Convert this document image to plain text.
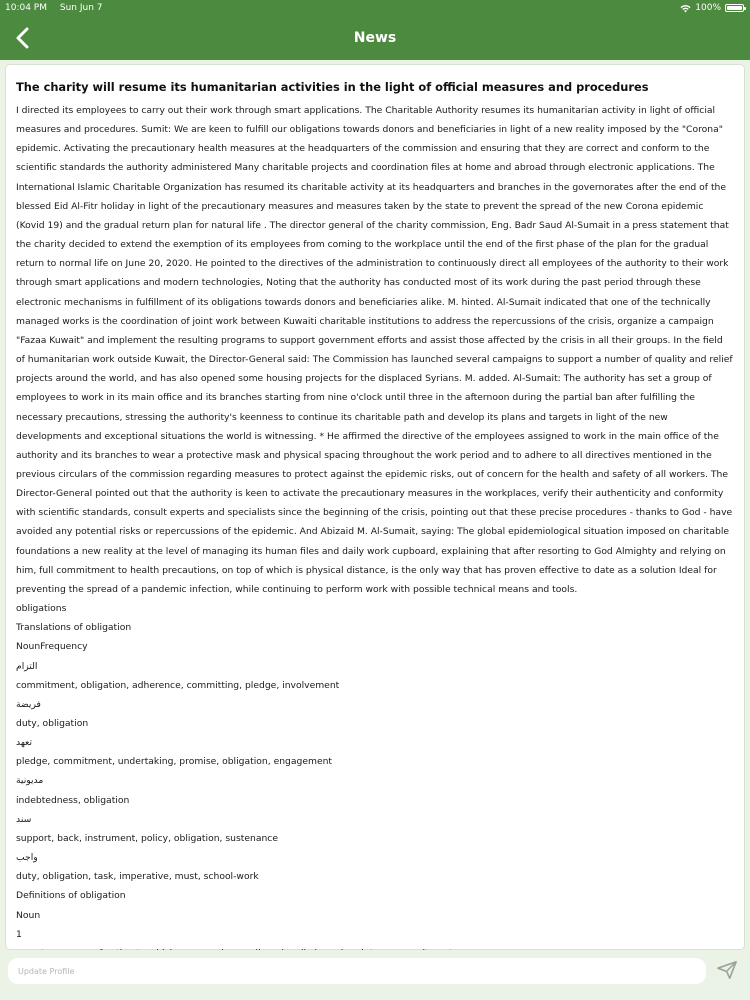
10:04 PM Sun Jun 7	100%
News
The charity will resume its humanitarian activities in the light of official measures and procedures

I directed its employees to carry out their work through smart applications. The Charitable Authority resumes its humanitarian activity in light of official measures and procedures. Sumit: We are keen to fulfill our obligations towards donors and beneficiaries in light of a new reality imposed by the "Corona" epidemic. Activating the precautionary health measures at the headquarters of the commission and ensuring that they are correct and conform to the scientific standards the authority administered Many charitable projects and coordination files at home and abroad through electronic applications. The International Islamic Charitable Organization has resumed its charitable activity at its headquarters and branches in the governorates after the end of the blessed Eid Al-Fitr holiday in light of the precautionary measures and measures taken by the state to prevent the spread of the new Corona epidemic (Kovid 19) and the gradual return plan for natural life . The director general of the charity commission, Eng. Badr Saud Al-Sumait in a press statement that the charity decided to extend the exemption of its employees from coming to the workplace until the end of the first phase of the plan for the gradual return to normal life on June 20, 2020. He pointed to the directives of the administration to continuously direct all employees of the authority to their work through smart applications and modern technologies, Noting that the authority has conducted most of its work during the past period through these electronic mechanisms in fulfillment of its obligations towards donors and beneficiaries alike. M. hinted. Al-Sumait indicated that one of the technically managed works is the coordination of joint work between Kuwaiti charitable institutions to address the repercussions of the crisis, organize a campaign "Fazaa Kuwait" and implement the resulting programs to support government efforts and assist those affected by the crisis in all their groups. In the field of humanitarian work outside Kuwait, the Director-General said: The Commission has launched several campaigns to support a number of quality and relief projects around the world, and has also opened some housing projects for the displaced Syrians. M. added. Al-Sumait: The authority has set a group of employees to work in its main office and its branches starting from nine o'clock until three in the afternoon during the partial ban after fulfilling the necessary precautions, stressing the authority's keenness to continue its charitable path and develop its plans and targets in light of the new developments and exceptional situations the world is witnessing. * He affirmed the directive of the employees assigned to work in the main office of the authority and its branches to wear a protective mask and physical spacing throughout the work period and to adhere to all directives mentioned in the previous circulars of the commission regarding measures to protect against the epidemic risks, out of concern for the health and safety of all workers. The Director-General pointed out that the authority is keen to activate the precautionary measures in the workplaces, verify their authenticity and conformity with scientific standards, consult experts and specialists since the beginning of the crisis, pointing out that these precise procedures - thanks to God - have avoided any potential risks or repercussions of the epidemic. And Abizaid M. Al-Sumait, saying: The global epidemiological situation imposed on charitable foundations a new reality at the level of managing its human files and daily work cupboard, explaining that after resorting to God Almighty and relying on him, full commitment to health precautions, on top of which is physical distance, is the only way that has proven effective to date as a solution Ideal for preventing the spread of a pandemic infection, while continuing to perform work with possible technical means and tools.

obligations
Translations of obligation
NounFrequency
التزام
commitment, obligation, adherence, committing, pledge, involvement
فريضة
duty, obligation
تعهد
pledge, commitment, undertaking, promise, obligation, engagement
مديونية
indebtedness, obligation
سند
support, back, instrument, policy, obligation, sustenance
واجب
duty, obligation, task, imperative, must, school-work
Definitions of obligation
Noun
1
Update Profile
